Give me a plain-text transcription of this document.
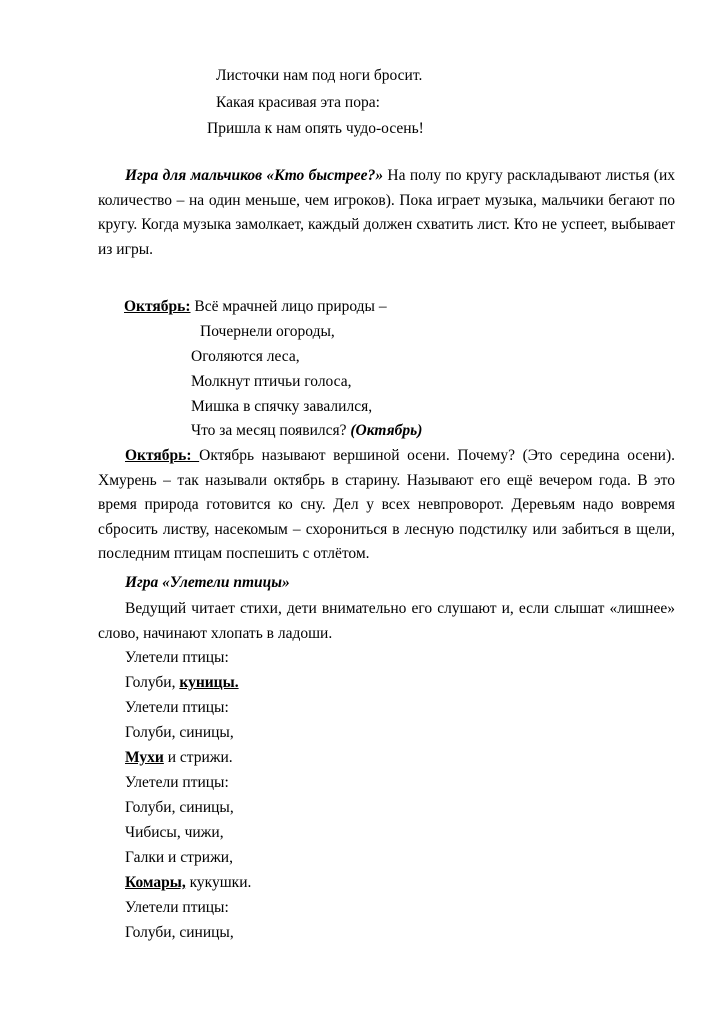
Листочки нам под ноги бросит.
Какая красивая эта пора:
Пришла к нам опять чудо-осень!
Игра для мальчиков «Кто быстрее?» На полу по кругу раскладывают листья (их количество – на один меньше, чем игроков). Пока играет музыка, мальчики бегают по кругу. Когда музыка замолкает, каждый должен схватить лист. Кто не успеет, выбывает из игры.
Октябрь: Всё мрачней лицо природы –
Почернели огороды,
Оголяются леса,
Молкнут птичьи голоса,
Мишка в спячку завалился,
Что за месяц появился? (Октябрь)
Октябрь: Октябрь называют вершиной осени. Почему? (Это середина осени). Хмурень – так называли октябрь в старину. Называют его ещё вечером года. В это время природа готовится ко сну. Дел у всех невпроворот. Деревьям надо вовремя сбросить листву, насекомым – схорониться в лесную подстилку или забиться в щели, последним птицам поспешить с отлётом.
Игра «Улетели птицы»
Ведущий читает стихи, дети внимательно его слушают и, если слышат «лишнее» слово, начинают хлопать в ладоши.
Улетели птицы:
Голуби, куницы.
Улетели птицы:
Голуби, синицы,
Мухи и стрижи.
Улетели птицы:
Голуби, синицы,
Чибисы, чижи,
Галки и стрижи,
Комары, кукушки.
Улетели птицы:
Голуби, синицы,
